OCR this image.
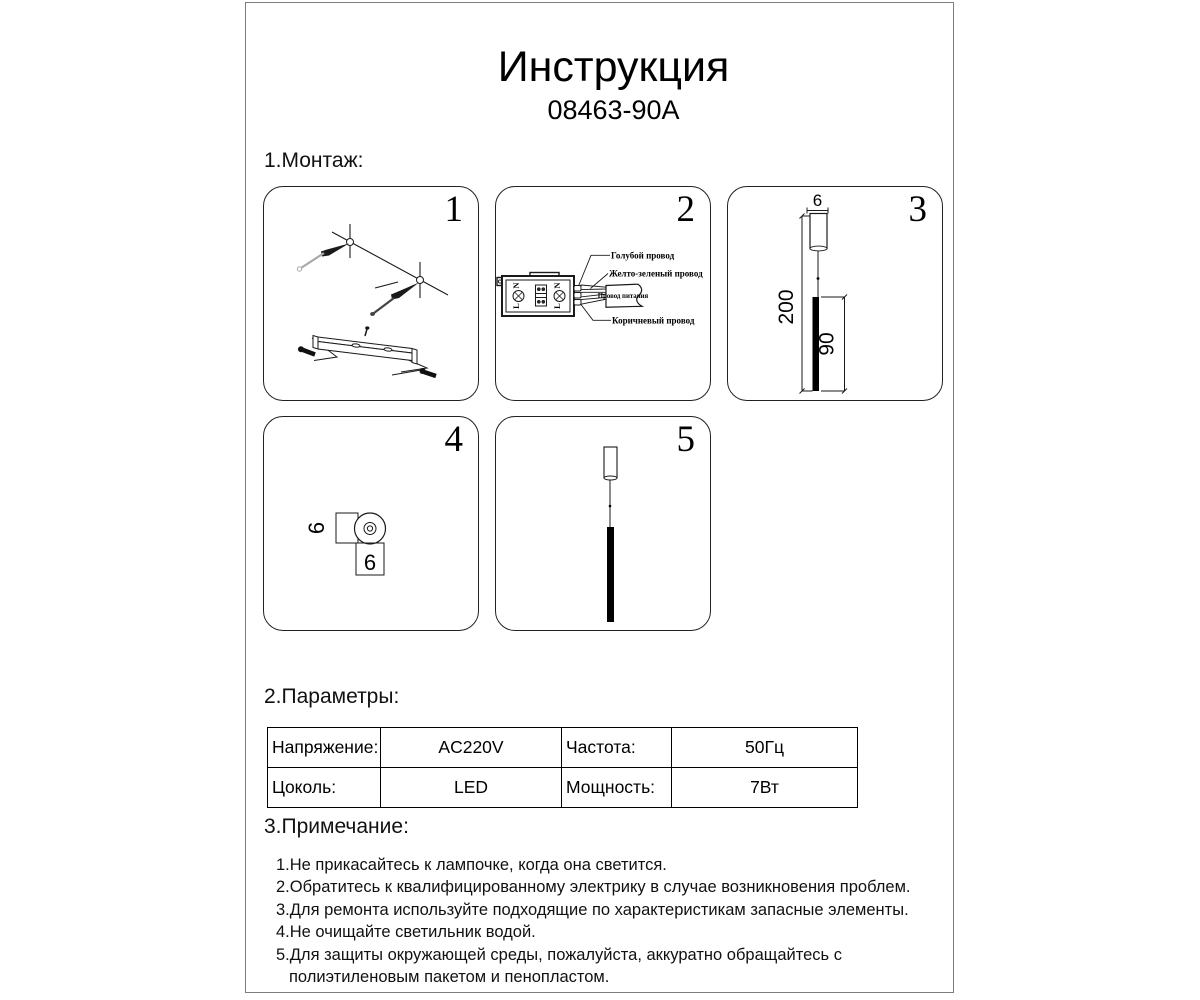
Инструкция
08463-90A
1.Монтаж:
1
N
L
N
L
Провод питания
Голубой провод
Желто-зеленый провод
Коричневый провод
2	6
200
90
3
6
6
4	5
2.Параметры:
Напряжение:	AC220V	Частота:	50Гц
Цоколь:	LED	Мощность:	7Вт
3.Примечание:
1.Не прикасайтесь к лампочке, когда она светится.
2.Обратитесь к квалифицированному электрику в случае возникновения проблем.
3.Для ремонта используйте подходящие по характеристикам запасные элементы.
4.Не очищайте светильник водой.
5.Для защиты окружающей среды, пожалуйста, аккуратно обращайтесь с полиэтиленовым пакетом и пенопластом.
